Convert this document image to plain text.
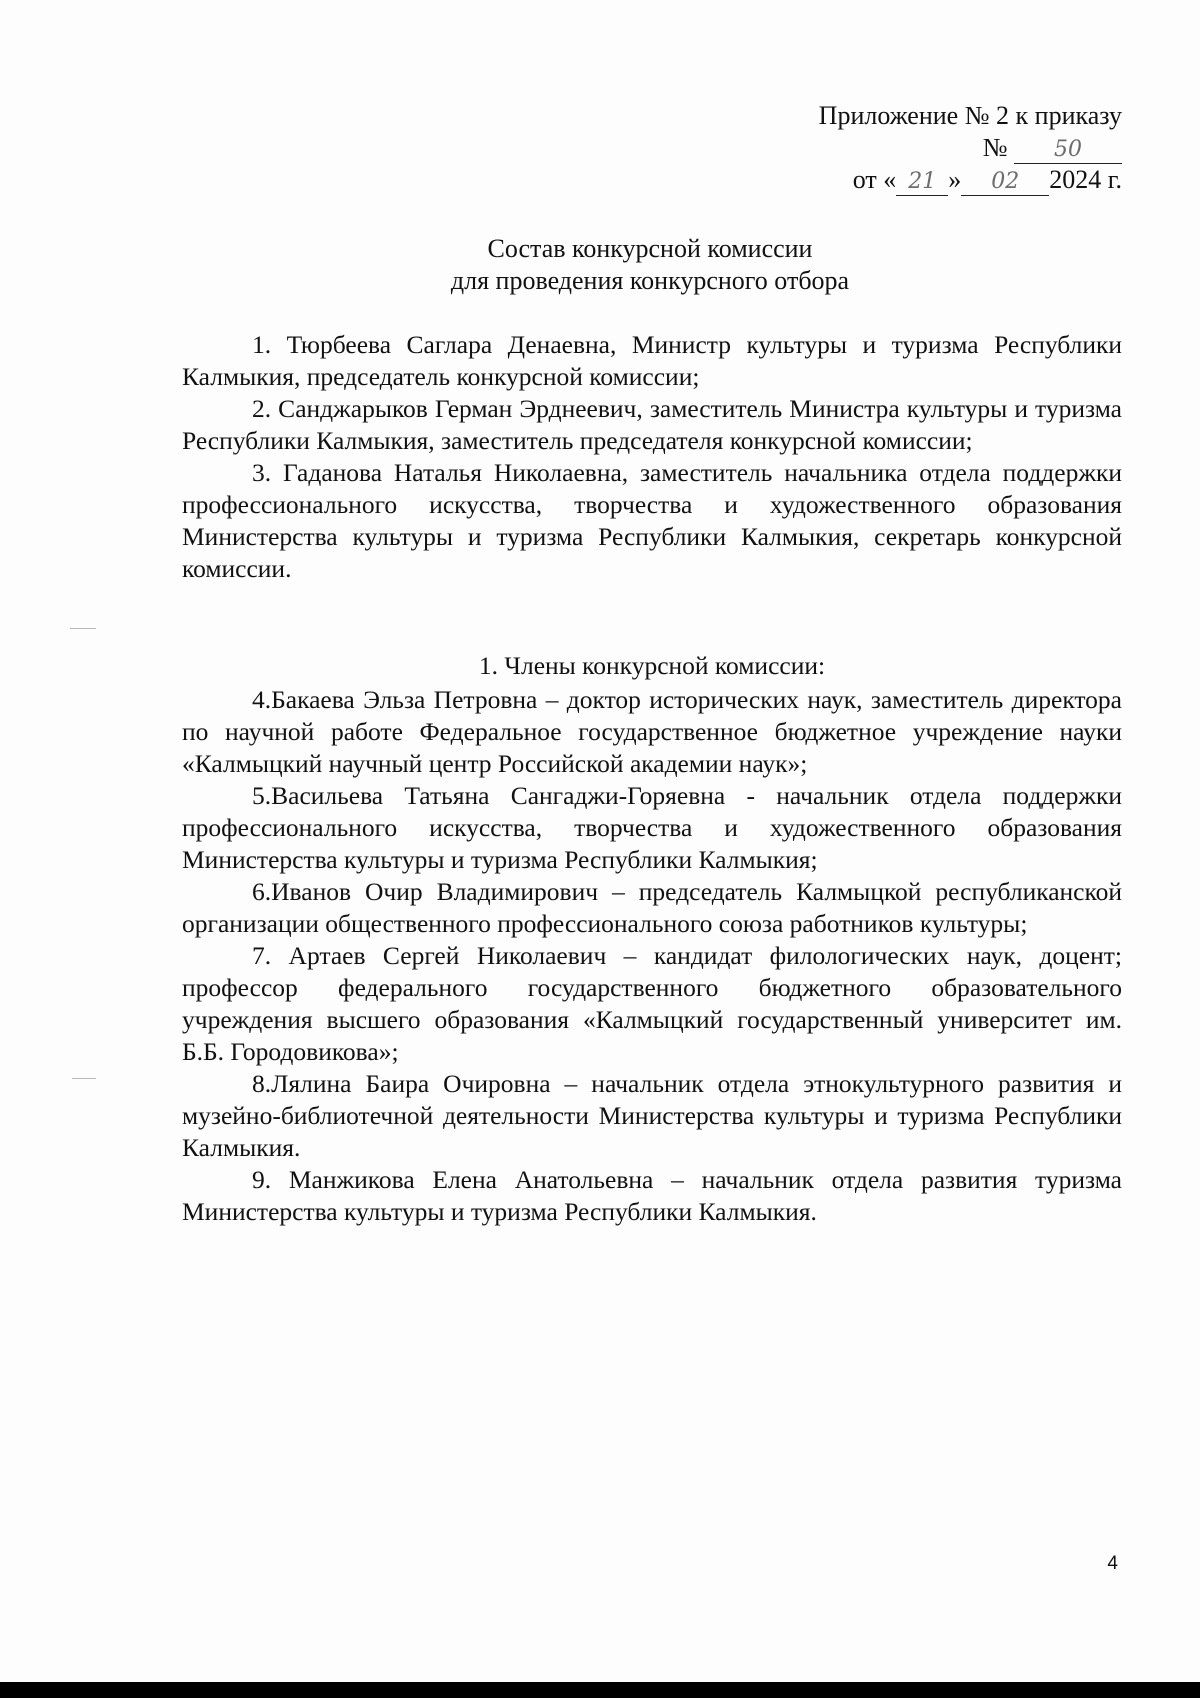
Приложение № 2 к приказу
№ 50
от « 21 » 02 2024 г.
Состав конкурсной комиссии
для проведения конкурсного отбора

1. Тюрбеева Саглара Денаевна, Министр культуры и туризма Республики Калмыкия, председатель конкурсной комиссии;

2. Санджарыков Герман Эрднеевич, заместитель Министра культуры и туризма Республики Калмыкия, заместитель председателя конкурсной комиссии;

3. Гаданова Наталья Николаевна, заместитель начальника отдела поддержки профессионального искусства, творчества и художественного образования Министерства культуры и туризма Республики Калмыкия, секретарь конкурсной комиссии.

1. Члены конкурсной комиссии:

4.Бакаева Эльза Петровна – доктор исторических наук, заместитель директора по научной работе Федеральное государственное бюджетное учреждение науки «Калмыцкий научный центр Российской академии наук»;

5.Васильева Татьяна Сангаджи-Горяевна - начальник отдела поддержки профессионального искусства, творчества и художественного образования Министерства культуры и туризма Республики Калмыкия;

6.Иванов Очир Владимирович – председатель Калмыцкой республиканской организации общественного профессионального союза работников культуры;

7. Артаев Сергей Николаевич – кандидат филологических наук, доцент; профессор федерального государственного бюджетного образовательного учреждения высшего образования «Калмыцкий государственный университет им. Б.Б. Городовикова»;

8.Лялина Баира Очировна – начальник отдела этнокультурного развития и музейно-библиотечной деятельности Министерства культуры и туризма Республики Калмыкия.

9. Манжикова Елена Анатольевна – начальник отдела развития туризма Министерства культуры и туризма Республики Калмыкия.

4
